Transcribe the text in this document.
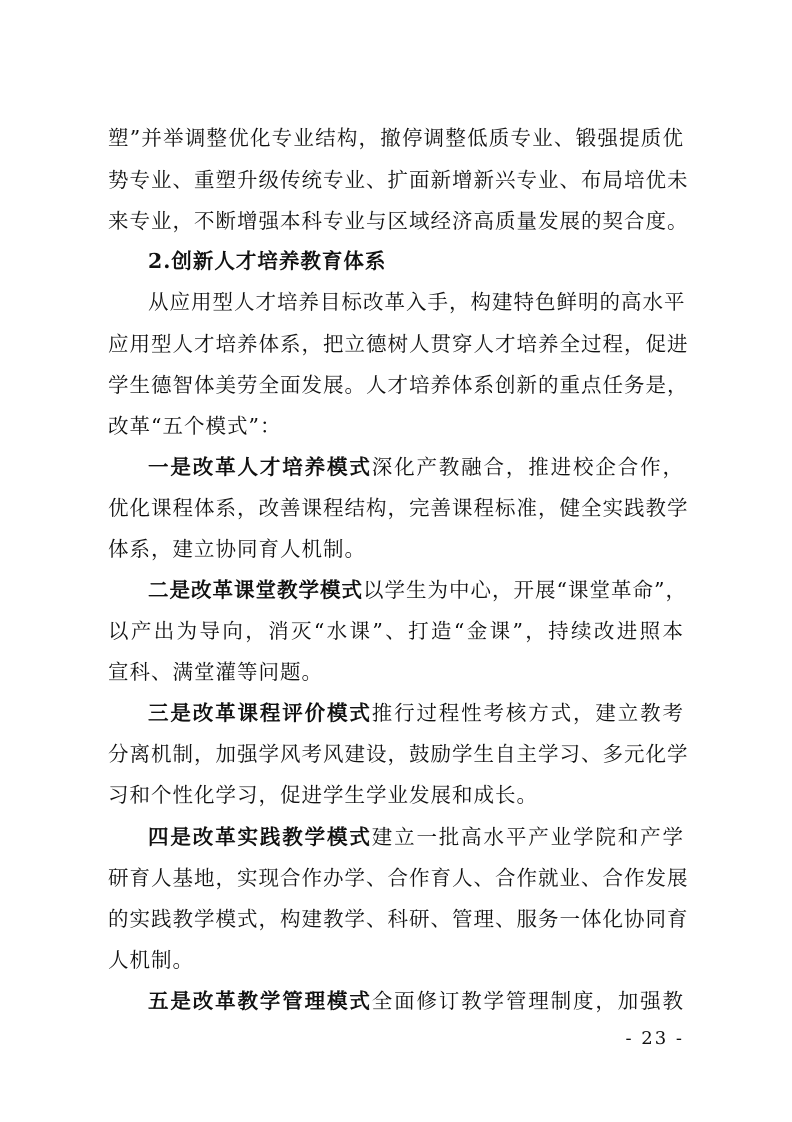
塑”并举调整优化专业结构，撤停调整低质专业、锻强提质优
势专业、重塑升级传统专业、扩面新增新兴专业、布局培优未
来专业，不断增强本科专业与区域经济高质量发展的契合度。
2.创新人才培养教育体系
从应用型人才培养目标改革入手，构建特色鲜明的高水平
应用型人才培养体系，把立德树人贯穿人才培养全过程，促进
学生德智体美劳全面发展。人才培养体系创新的重点任务是，
改革“五个模式”：
一是改革人才培养模式深化产教融合，推进校企合作，
优化课程体系，改善课程结构，完善课程标准，健全实践教学
体系，建立协同育人机制。
二是改革课堂教学模式以学生为中心，开展“课堂革命”，
以产出为导向，消灭“水课”、打造“金课”，持续改进照本
宣科、满堂灌等问题。
三是改革课程评价模式推行过程性考核方式，建立教考
分离机制，加强学风考风建设，鼓励学生自主学习、多元化学
习和个性化学习，促进学生学业发展和成长。
四是改革实践教学模式建立一批高水平产业学院和产学
研育人基地，实现合作办学、合作育人、合作就业、合作发展
的实践教学模式，构建教学、科研、管理、服务一体化协同育
人机制。
五是改革教学管理模式全面修订教学管理制度，加强教
- 23 -
